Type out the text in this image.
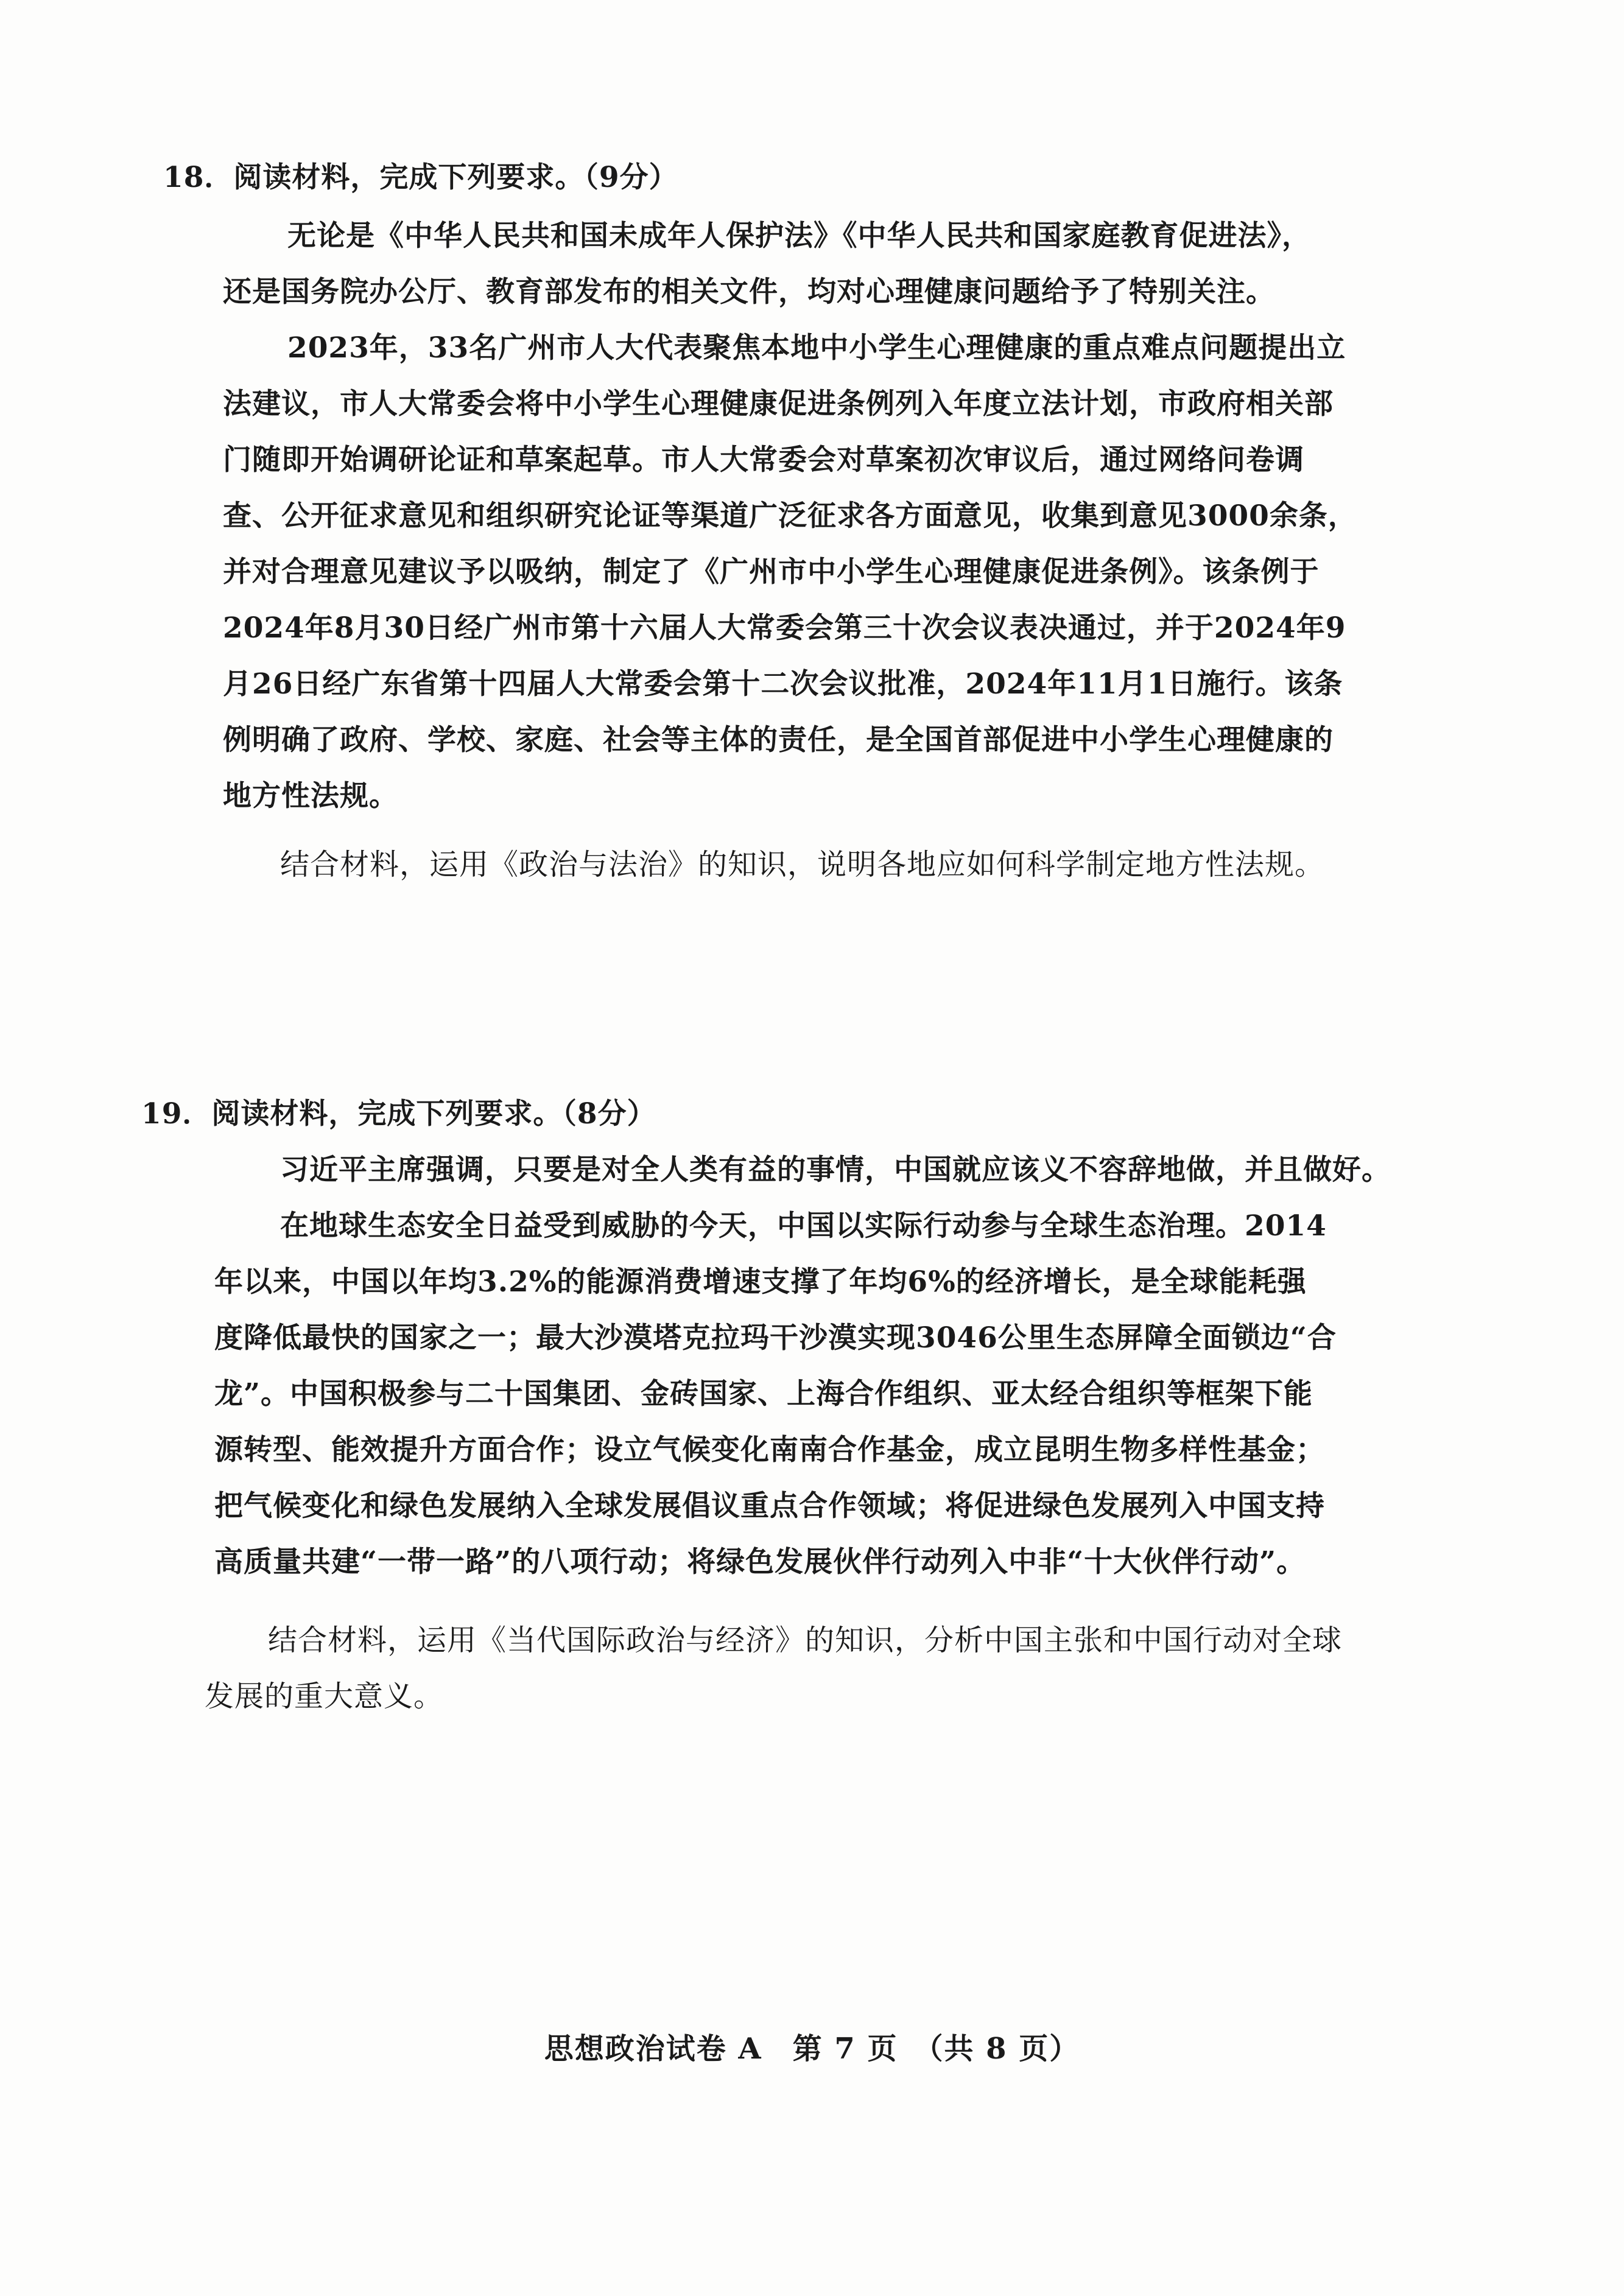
18．阅读材料，完成下列要求。（9分）
无论是《中华人民共和国未成年人保护法》《中华人民共和国家庭教育促进法》，
还是国务院办公厅、教育部发布的相关文件，均对心理健康问题给予了特别关注。
2023年，33名广州市人大代表聚焦本地中小学生心理健康的重点难点问题提出立
法建议，市人大常委会将中小学生心理健康促进条例列入年度立法计划，市政府相关部
门随即开始调研论证和草案起草。市人大常委会对草案初次审议后，通过网络问卷调
查、公开征求意见和组织研究论证等渠道广泛征求各方面意见，收集到意见3000余条，
并对合理意见建议予以吸纳，制定了《广州市中小学生心理健康促进条例》。该条例于
2024年8月30日经广州市第十六届人大常委会第三十次会议表决通过，并于2024年9
月26日经广东省第十四届人大常委会第十二次会议批准，2024年11月1日施行。该条
例明确了政府、学校、家庭、社会等主体的责任，是全国首部促进中小学生心理健康的
地方性法规。
结合材料，运用《政治与法治》的知识，说明各地应如何科学制定地方性法规。
19．阅读材料，完成下列要求。（8分）
习近平主席强调，只要是对全人类有益的事情，中国就应该义不容辞地做，并且做好。
在地球生态安全日益受到威胁的今天，中国以实际行动参与全球生态治理。2014
年以来，中国以年均3.2%的能源消费增速支撑了年均6%的经济增长，是全球能耗强
度降低最快的国家之一；最大沙漠塔克拉玛干沙漠实现3046公里生态屏障全面锁边“合
龙”。中国积极参与二十国集团、金砖国家、上海合作组织、亚太经合组织等框架下能
源转型、能效提升方面合作；设立气候变化南南合作基金，成立昆明生物多样性基金；
把气候变化和绿色发展纳入全球发展倡议重点合作领域；将促进绿色发展列入中国支持
高质量共建“一带一路”的八项行动；将绿色发展伙伴行动列入中非“十大伙伴行动”。
结合材料，运用《当代国际政治与经济》的知识，分析中国主张和中国行动对全球
发展的重大意义。
思想政治试卷 A　第 7 页　（共 8 页）
